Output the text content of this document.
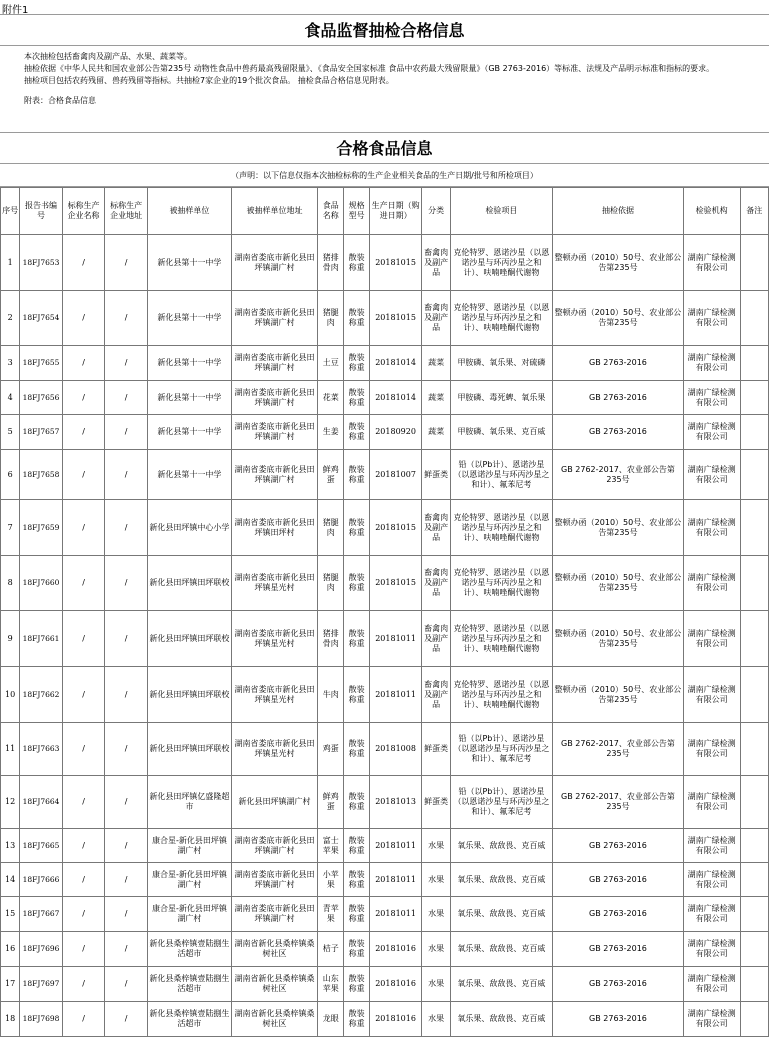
附件1
食品监督抽检合格信息

本次抽检包括畜禽肉及副产品、水果、蔬菜等。

抽检依据《中华人民共和国农业部公告第235号 动物性食品中兽药最高残留限量》、《食品安全国家标准 食品中农药最大残留限量》（GB 2763-2016）等标准、法规及产品明示标准和指标的要求。

抽检项目包括农药残留、兽药残留等指标。共抽检7家企业的19个批次食品。 抽检食品合格信息见附表。

附表：合格食品信息

合格食品信息
（声明：以下信息仅指本次抽检标称的生产企业相关食品的生产日期/批号和所检项目）
序号	报告书编号	标称生产企业名称	标称生产企业地址	被抽样单位	被抽样单位地址	食品名称	规格型号	生产日期（购进日期）	分类	检验项目	抽检依据	检验机构	备注
1	18FJ7653	/	/	新化县第十一中学	湖南省娄底市新化县田坪镇湖广村	猪排骨肉	散装称重	20181015	畜禽肉及副产品	克伦特罗、恩诺沙星（以恩诺沙星与环丙沙星之和计）、呋喃唑酮代谢物	整顿办函（2010）50号、农业部公告第235号	湖南广绿检测有限公司	
2	18FJ7654	/	/	新化县第十一中学	湖南省娄底市新化县田坪镇湖广村	猪腿肉	散装称重	20181015	畜禽肉及副产品	克伦特罗、恩诺沙星（以恩诺沙星与环丙沙星之和计）、呋喃唑酮代谢物	整顿办函（2010）50号、农业部公告第235号	湖南广绿检测有限公司	
3	18FJ7655	/	/	新化县第十一中学	湖南省娄底市新化县田坪镇湖广村	土豆	散装称重	20181014	蔬菜	甲胺磷、氧乐果、对硫磷	GB 2763-2016	湖南广绿检测有限公司	
4	18FJ7656	/	/	新化县第十一中学	湖南省娄底市新化县田坪镇湖广村	花菜	散装称重	20181014	蔬菜	甲胺磷、毒死蜱、氧乐果	GB 2763-2016	湖南广绿检测有限公司	
5	18FJ7657	/	/	新化县第十一中学	湖南省娄底市新化县田坪镇湖广村	生姜	散装称重	20180920	蔬菜	甲胺磷、氧乐果、克百威	GB 2763-2016	湖南广绿检测有限公司	
6	18FJ7658	/	/	新化县第十一中学	湖南省娄底市新化县田坪镇湖广村	鲜鸡蛋	散装称重	20181007	鲜蛋类	铅（以Pb计）、恩诺沙星（以恩诺沙星与环丙沙星之和计）、氟苯尼考	GB 2762-2017、农业部公告第235号	湖南广绿检测有限公司	
7	18FJ7659	/	/	新化县田坪镇中心小学	湖南省娄底市新化县田坪镇田坪村	猪腿肉	散装称重	20181015	畜禽肉及副产品	克伦特罗、恩诺沙星（以恩诺沙星与环丙沙星之和计）、呋喃唑酮代谢物	整顿办函（2010）50号、农业部公告第235号	湖南广绿检测有限公司	
8	18FJ7660	/	/	新化县田坪镇田坪联校	湖南省娄底市新化县田坪镇星光村	猪腿肉	散装称重	20181015	畜禽肉及副产品	克伦特罗、恩诺沙星（以恩诺沙星与环丙沙星之和计）、呋喃唑酮代谢物	整顿办函（2010）50号、农业部公告第235号	湖南广绿检测有限公司	
9	18FJ7661	/	/	新化县田坪镇田坪联校	湖南省娄底市新化县田坪镇星光村	猪排骨肉	散装称重	20181011	畜禽肉及副产品	克伦特罗、恩诺沙星（以恩诺沙星与环丙沙星之和计）、呋喃唑酮代谢物	整顿办函（2010）50号、农业部公告第235号	湖南广绿检测有限公司	
10	18FJ7662	/	/	新化县田坪镇田坪联校	湖南省娄底市新化县田坪镇星光村	牛肉	散装称重	20181011	畜禽肉及副产品	克伦特罗、恩诺沙星（以恩诺沙星与环丙沙星之和计）、呋喃唑酮代谢物	整顿办函（2010）50号、农业部公告第235号	湖南广绿检测有限公司	
11	18FJ7663	/	/	新化县田坪镇田坪联校	湖南省娄底市新化县田坪镇星光村	鸡蛋	散装称重	20181008	鲜蛋类	铅（以Pb计）、恩诺沙星（以恩诺沙星与环丙沙星之和计）、氟苯尼考	GB 2762-2017、农业部公告第235号	湖南广绿检测有限公司	
12	18FJ7664	/	/	新化县田坪镇亿盛隆超市	新化县田坪镇湖广村	鲜鸡蛋	散装称重	20181013	鲜蛋类	铅（以Pb计）、恩诺沙星（以恩诺沙星与环丙沙星之和计）、氟苯尼考	GB 2762-2017、农业部公告第235号	湖南广绿检测有限公司	
13	18FJ7665	/	/	康合星-新化县田坪镇湖广村	湖南省娄底市新化县田坪镇湖广村	富士苹果	散装称重	20181011	水果	氧乐果、敌敌畏、克百威	GB 2763-2016	湖南广绿检测有限公司	
14	18FJ7666	/	/	康合星-新化县田坪镇湖广村	湖南省娄底市新化县田坪镇湖广村	小苹果	散装称重	20181011	水果	氧乐果、敌敌畏、克百威	GB 2763-2016	湖南广绿检测有限公司	
15	18FJ7667	/	/	康合星-新化县田坪镇湖广村	湖南省娄底市新化县田坪镇湖广村	青苹果	散装称重	20181011	水果	氧乐果、敌敌畏、克百威	GB 2763-2016	湖南广绿检测有限公司	
16	18FJ7696	/	/	新化县桑梓镇壹陆捌生活超市	湖南省新化县桑梓镇桑树社区	桔子	散装称重	20181016	水果	氧乐果、敌敌畏、克百威	GB 2763-2016	湖南广绿检测有限公司	
17	18FJ7697	/	/	新化县桑梓镇壹陆捌生活超市	湖南省新化县桑梓镇桑树社区	山东苹果	散装称重	20181016	水果	氧乐果、敌敌畏、克百威	GB 2763-2016	湖南广绿检测有限公司	
18	18FJ7698	/	/	新化县桑梓镇壹陆捌生活超市	湖南省新化县桑梓镇桑树社区	龙眼	散装称重	20181016	水果	氧乐果、敌敌畏、克百威	GB 2763-2016	湖南广绿检测有限公司	
